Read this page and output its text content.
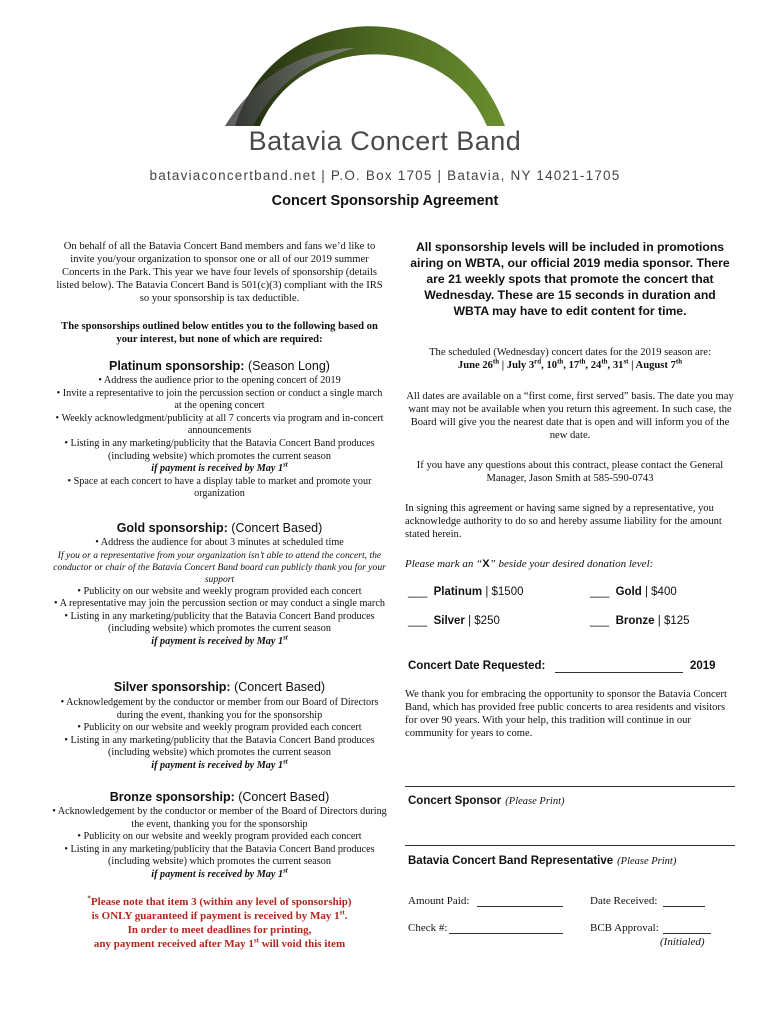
Batavia Concert Band
bataviaconcertband.net | P.O. Box 1705 | Batavia, NY 14021-1705
Concert Sponsorship Agreement
On behalf of all the Batavia Concert Band members and fans we’d like to invite you/your organization to sponsor one or all of our 2019 summer Concerts in the Park. This year we have four levels of sponsorship (details listed below). The Batavia Concert Band is 501(c)(3) compliant with the IRS so your sponsorship is tax deductible.
The sponsorships outlined below entitles you to the following based on your interest, but none of which are required:
Platinum sponsorship: (Season Long)
• Address the audience prior to the opening concert of 2019
• Invite a representative to join the percussion section or conduct a single march at the opening concert
• Weekly acknowledgment/publicity at all 7 concerts via program and in-concert announcements
• Listing in any marketing/publicity that the Batavia Concert Band produces (including website) which promotes the current season
if payment is received by May 1st
• Space at each concert to have a display table to market and promote your organization
Gold sponsorship: (Concert Based)
• Address the audience for about 3 minutes at scheduled time
If you or a representative from your organization isn’t able to attend the concert, the conductor or chair of the Batavia Concert Band board can publicly thank you for your support
• Publicity on our website and weekly program provided each concert
• A representative may join the percussion section or may conduct a single march
• Listing in any marketing/publicity that the Batavia Concert Band produces (including website) which promotes the current season
if payment is received by May 1st
Silver sponsorship: (Concert Based)
• Acknowledgement by the conductor or member from our Board of Directors during the event, thanking you for the sponsorship
• Publicity on our website and weekly program provided each concert
• Listing in any marketing/publicity that the Batavia Concert Band produces (including website) which promotes the current season
if payment is received by May 1st
Bronze sponsorship: (Concert Based)
• Acknowledgement by the conductor or member of the Board of Directors during the event, thanking you for the sponsorship
• Publicity on our website and weekly program provided each concert
• Listing in any marketing/publicity that the Batavia Concert Band produces (including website) which promotes the current season
if payment is received by May 1st
*Please note that item 3 (within any level of sponsorship)
is ONLY guaranteed if payment is received by May 1st.
In order to meet deadlines for printing,
any payment received after May 1st will void this item
All sponsorship levels will be included in promotions airing on WBTA, our official 2019 media sponsor. There are 21 weekly spots that promote the concert that Wednesday. These are 15 seconds in duration and WBTA may have to edit content for time.
The scheduled (Wednesday) concert dates for the 2019 season are:
June 26th | July 3rd, 10th, 17th, 24th, 31st | August 7th
All dates are available on a “first come, first served” basis. The date you may want may not be available when you return this agreement. In such case, the Board will give you the nearest date that is open and will inform you of the new date.
If you have any questions about this contract, please contact the General Manager, Jason Smith at 585-590-0743
In signing this agreement or having same signed by a representative, you acknowledge authority to do so and hereby assume liability for the amount stated herein.
Please mark an “X” beside your desired donation level:
___ Platinum | $1500	___ Gold | $400
___ Silver | $250	___ Bronze | $125
Concert Date Requested:	2019
We thank you for embracing the opportunity to sponsor the Batavia Concert Band, which has provided free public concerts to area residents and visitors for over 90 years. With your help, this tradition will continue in our community for years to come.
Concert Sponsor (Please Print)
Batavia Concert Band Representative (Please Print)
Amount Paid:	Date Received:
Check #:	BCB Approval:
(Initialed)
